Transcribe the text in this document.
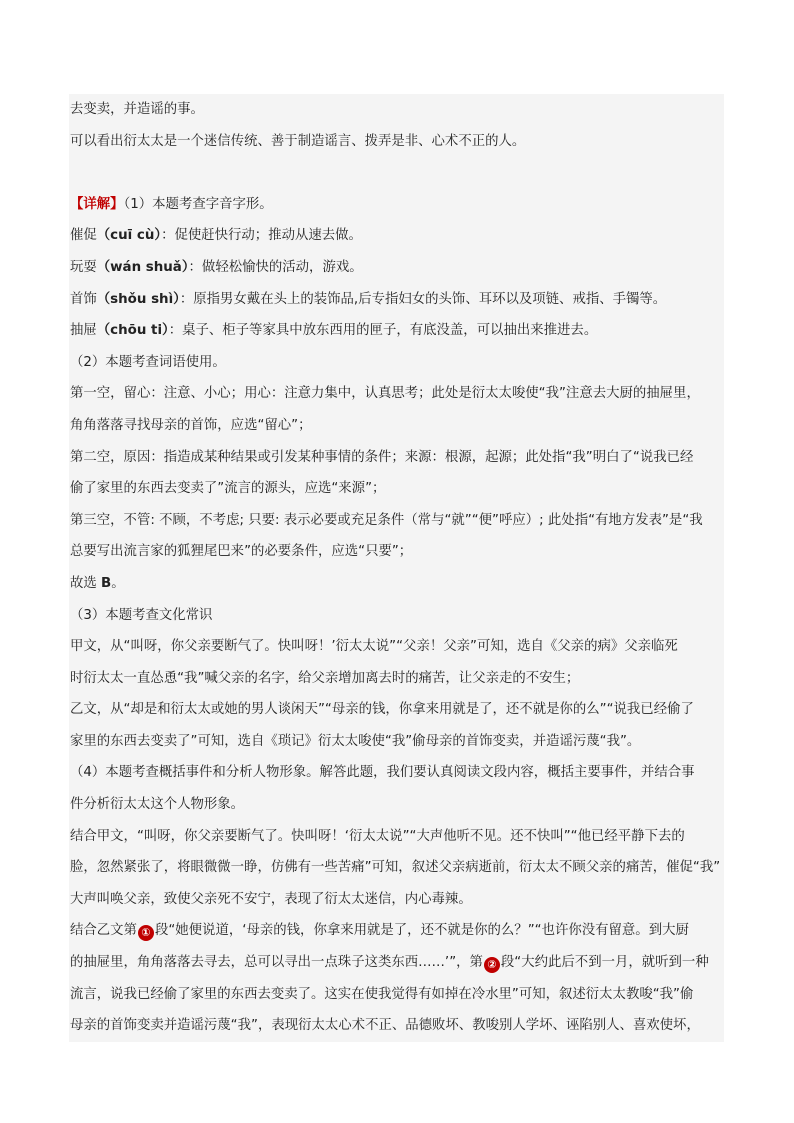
去变卖，并造谣的事。
可以看出衍太太是一个迷信传统、善于制造谣言、拨弄是非、心术不正的人。
【详解】（1）本题考查字音字形。
催促（cuī cù）：促使赶快行动；推动从速去做。
玩耍（wán shuǎ）：做轻松愉快的活动，游戏。
首饰（shǒu shì）：原指男女戴在头上的装饰品,后专指妇女的头饰、耳环以及项链、戒指、手镯等。
抽屉（chōu ti）：桌子、柜子等家具中放东西用的匣子，有底没盖，可以抽出来推进去。
（2）本题考查词语使用。
第一空，留心：注意、小心；用心：注意力集中，认真思考；此处是衍太太唆使“我”注意去大厨的抽屉里，
角角落落寻找母亲的首饰，应选“留心”；
第二空，原因：指造成某种结果或引发某种事情的条件；来源：根源，起源；此处指“我”明白了“说我已经
偷了家里的东西去变卖了”流言的源头，应选“来源”；
第三空，不管: 不顾，不考虑; 只要: 表示必要或充足条件（常与“就”“便”呼应）; 此处指“有地方发表”是“我
总要写出流言家的狐狸尾巴来”的必要条件，应选“只要”；
故选 B。
（3）本题考查文化常识
甲文，从“叫呀，你父亲要断气了。快叫呀！’衍太太说”“父亲！父亲”可知，选自《父亲的病》父亲临死
时衍太太一直怂恿“我”喊父亲的名字，给父亲增加离去时的痛苦，让父亲走的不安生；
乙文，从“却是和衍太太或她的男人谈闲天”“母亲的钱，你拿来用就是了，还不就是你的么”“说我已经偷了
家里的东西去变卖了”可知，选自《琐记》衍太太唆使“我”偷母亲的首饰变卖，并造谣污蔑“我”。
（4）本题考查概括事件和分析人物形象。解答此题，我们要认真阅读文段内容，概括主要事件，并结合事
件分析衍太太这个人物形象。
结合甲文，“叫呀，你父亲要断气了。快叫呀！‘衍太太说”“大声他听不见。还不快叫”“他已经平静下去的
脸，忽然紧张了，将眼微微一睁，仿佛有一些苦痛”可知，叙述父亲病逝前，衍太太不顾父亲的痛苦，催促“我”
大声叫唤父亲，致使父亲死不安宁，表现了衍太太迷信，内心毒辣。
结合乙文第 ① 段“她便说道，‘母亲的钱，你拿来用就是了，还不就是你的么？”“也许你没有留意。到大厨
的抽屉里，角角落落去寻去，总可以寻出一点珠子这类东西……’”，第 ② 段“大约此后不到一月，就听到一种
流言，说我已经偷了家里的东西去变卖了。这实在使我觉得有如掉在冷水里”可知，叙述衍太太教唆“我”偷
母亲的首饰变卖并造谣污蔑“我”，表现衍太太心术不正、品德败坏、教唆别人学坏、诬陷别人、喜欢使坏，
